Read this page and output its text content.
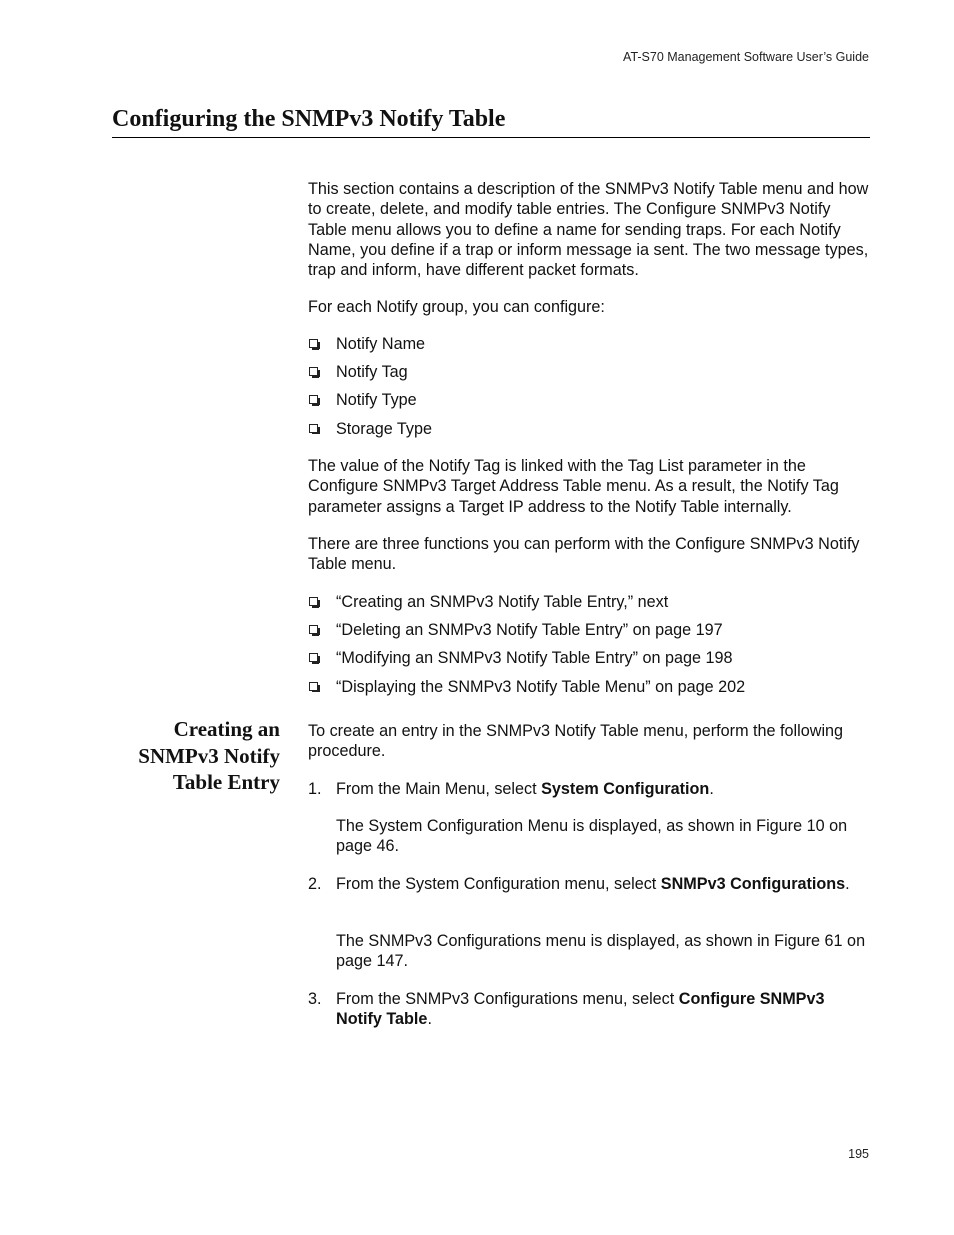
AT-S70 Management Software User’s Guide
Configuring the SNMPv3 Notify Table

This section contains a description of the SNMPv3 Notify Table menu and how to create, delete, and modify table entries. The Configure SNMPv3 Notify Table menu allows you to define a name for sending traps. For each Notify Name, you define if a trap or inform message ia sent. The two message types, trap and inform, have different packet formats.

For each Notify group, you can configure:

Notify Name
Notify Tag
Notify Type
Storage Type

The value of the Notify Tag is linked with the Tag List parameter in the Configure SNMPv3 Target Address Table menu. As a result, the Notify Tag parameter assigns a Target IP address to the Notify Table internally.

There are three functions you can perform with the Configure SNMPv3 Notify Table menu.

“Creating an SNMPv3 Notify Table Entry,” next
“Deleting an SNMPv3 Notify Table Entry” on page 197
“Modifying an SNMPv3 Notify Table Entry” on page 198
“Displaying the SNMPv3 Notify Table Menu” on page 202
Creating an
SNMPv3 Notify
Table Entry

To create an entry in the SNMPv3 Notify Table menu, perform the following procedure.

1. From the Main Menu, select System Configuration.
The System Configuration Menu is displayed, as shown in Figure 10 on page 46.
2. From the System Configuration menu, select SNMPv3 Configurations.
The SNMPv3 Configurations menu is displayed, as shown in Figure 61 on page 147.
3. From the SNMPv3 Configurations menu, select Configure SNMPv3 Notify Table.
195
